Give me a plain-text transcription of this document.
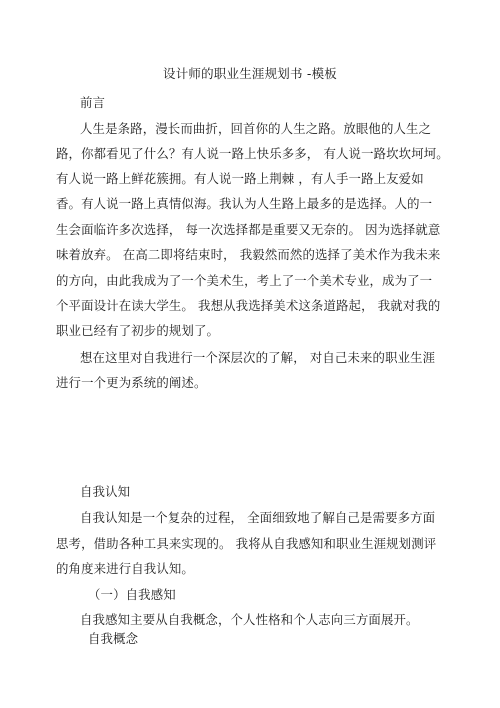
设计师的职业生涯规划书 -模板
前言
人生是条路，漫长而曲折，回首你的人生之路。放眼他的人生之
路，你都看见了什么？有人说一路上快乐多多， 有人说一路坎坎坷坷。
有人说一路上鲜花簇拥。有人说一路上荆棘 ，有人手一路上友爱如
香。有人说一路上真情似海。我认为人生路上最多的是选择。人的一
生会面临许多次选择， 每一次选择都是重要又无奈的。 因为选择就意
味着放弃。 在高二即将结束时， 我毅然而然的选择了美术作为我未来
的方向，由此我成为了一个美术生，考上了一个美术专业，成为了一
个平面设计在读大学生。 我想从我选择美术这条道路起， 我就对我的
职业已经有了初步的规划了。
想在这里对自我进行一个深层次的了解， 对自己未来的职业生涯
进行一个更为系统的阐述。
自我认知
自我认知是一个复杂的过程， 全面细致地了解自己是需要多方面
思考，借助各种工具来实现的。 我将从自我感知和职业生涯规划测评
的角度来进行自我认知。
（一）自我感知
自我感知主要从自我概念，个人性格和个人志向三方面展开。
自我概念
